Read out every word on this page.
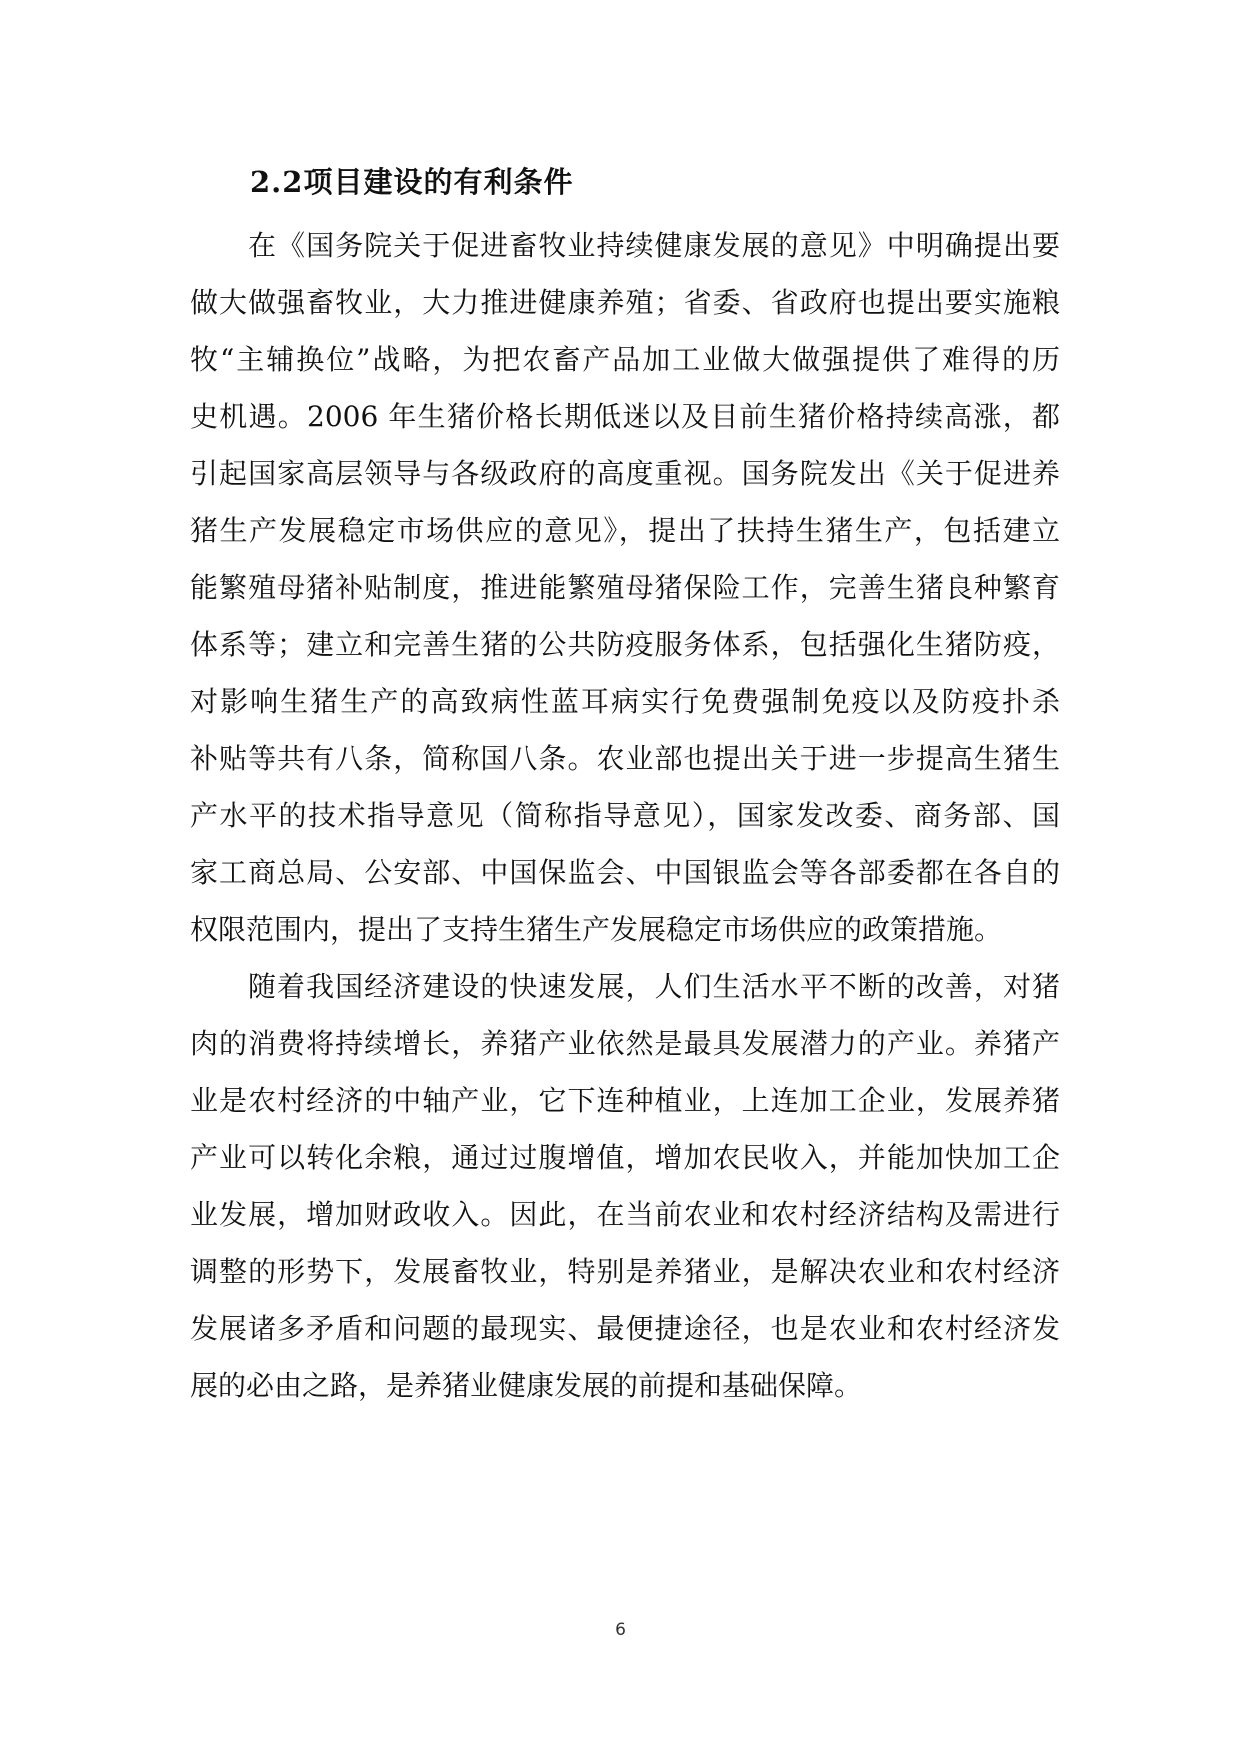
2.2项目建设的有利条件
在《国务院关于促进畜牧业持续健康发展的意见》中明确提出要
做大做强畜牧业，大力推进健康养殖；省委、省政府也提出要实施粮
牧“主辅换位”战略，为把农畜产品加工业做大做强提供了难得的历
史机遇。2006 年生猪价格长期低迷以及目前生猪价格持续高涨，都
引起国家高层领导与各级政府的高度重视。国务院发出《关于促进养
猪生产发展稳定市场供应的意见》，提出了扶持生猪生产，包括建立
能繁殖母猪补贴制度，推进能繁殖母猪保险工作，完善生猪良种繁育
体系等；建立和完善生猪的公共防疫服务体系，包括强化生猪防疫，
对影响生猪生产的高致病性蓝耳病实行免费强制免疫以及防疫扑杀
补贴等共有八条，简称国八条。农业部也提出关于进一步提高生猪生
产水平的技术指导意见（简称指导意见），国家发改委、商务部、国
家工商总局、公安部、中国保监会、中国银监会等各部委都在各自的
权限范围内，提出了支持生猪生产发展稳定市场供应的政策措施。
随着我国经济建设的快速发展，人们生活水平不断的改善，对猪
肉的消费将持续增长，养猪产业依然是最具发展潜力的产业。养猪产
业是农村经济的中轴产业，它下连种植业，上连加工企业，发展养猪
产业可以转化余粮，通过过腹增值，增加农民收入，并能加快加工企
业发展，增加财政收入。因此，在当前农业和农村经济结构及需进行
调整的形势下，发展畜牧业，特别是养猪业，是解决农业和农村经济
发展诸多矛盾和问题的最现实、最便捷途径，也是农业和农村经济发
展的必由之路，是养猪业健康发展的前提和基础保障。
6
